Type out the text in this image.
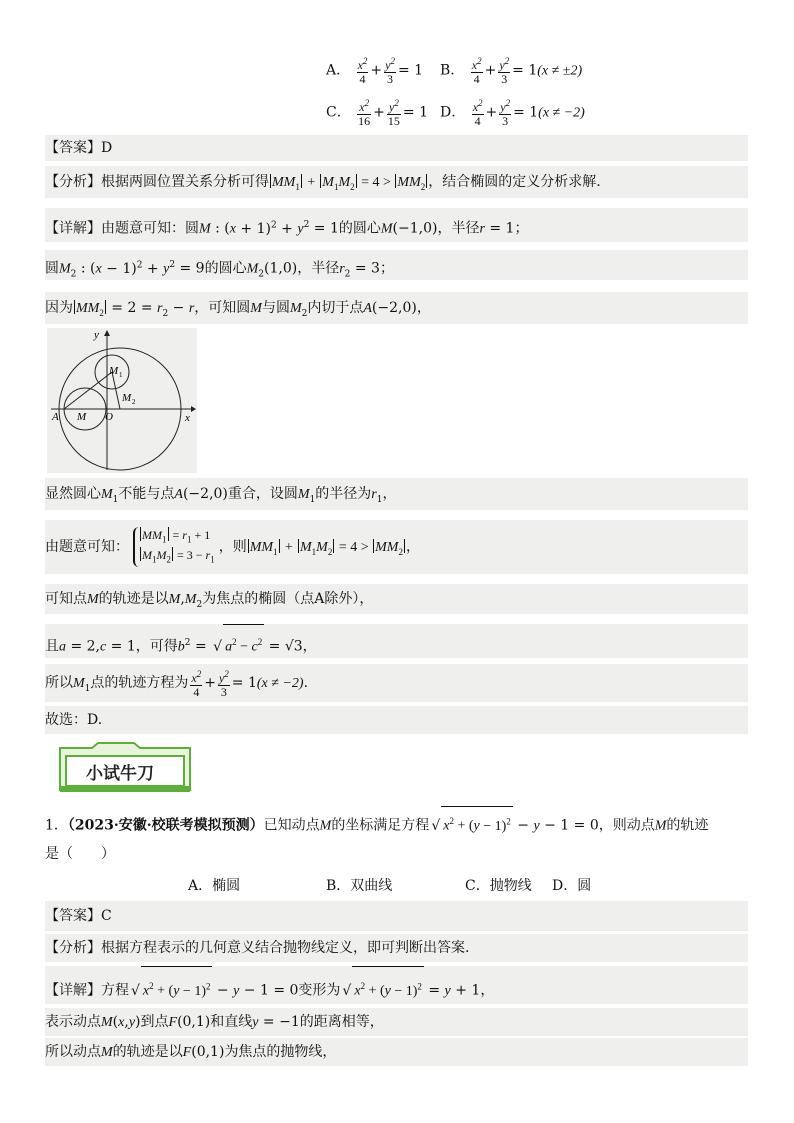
A． $\frac{x^2}{4} + \frac{y^2}{3} = 1$ B． $\frac{x^2}{4} + \frac{y^2}{3} = 1(x \ne \pm 2)$
C． $\frac{x^2}{16} + \frac{y^2}{15} = 1$ D． $\frac{x^2}{4} + \frac{y^2}{3} = 1(x \ne -2)$
【答案】D
【分析】根据两圆位置关系分析可得 $MM_1 + M_1M_2 = 4 > MM_2$ ，结合椭圆的定义分析求解.
【详解】由题意可知：圆M : $(x + 1)^2 + y^2 = 1$的圆心M(−1,0)，半径r = 1；
圆$M_2$ : $(x - 1)^2 + y^2 = 9$的圆心$M_2(1,0)$，半径$r_2 = 3$；
因为 $MM_2 = 2 = r_2 - r$，可知圆M与圆$M_2$内切于点A(−2,0)，
y
x
A M O
M 1
M 2
显然圆心$M_1$不能与点A(−2,0)重合，设圆$M_1$的半径为$r_1$，
由题意可知：
$MM_1 = r_1 + 1$
$M_1M_2 = 3 - r_1$
，则 $MM_1 + M_1M_2 = 4 > MM_2$ ，
可知点M的轨迹是以$M,M_2$为焦点的椭圆（点A除外），
且a = 2,c = 1，可得$b^2$ = √ $a^2 - c^2 = √3$，
所以$M_1$点的轨迹方程为 $\frac{x^2}{4} + \frac{y^2}{3} = 1(x \ne -2)$.
故选：D.
小试牛刀
1．（2023·安徽·校联考模拟预测）已知动点M的坐标满足方程 √ $x^2 + (y - 1)^2 - y - 1 = 0$，则动点M的轨迹
是（　　）
A．椭圆	B．双曲线	C．抛物线 D．圆
【答案】C
【分析】根据方程表示的几何意义结合抛物线定义，即可判断出答案.
【详解】方程 √ $x^2 + (y - 1)^2 - y - 1 = 0$变形为 √ $x^2 + (y - 1)^2 = y + 1$，
表示动点M(x,y)到点F(0,1)和直线y = −1的距离相等，
所以动点M的轨迹是以F(0,1)为焦点的抛物线，
